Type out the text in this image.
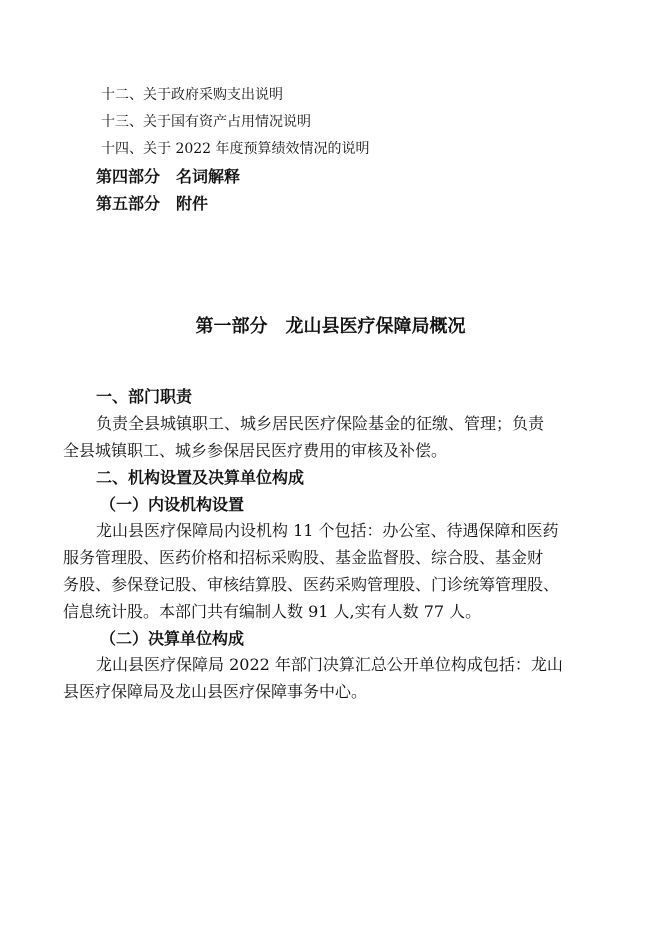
十二、关于政府采购支出说明
十三、关于国有资产占用情况说明
十四、关于 2022 年度预算绩效情况的说明
第四部分 名词解释
第五部分 附件
第一部分 龙山县医疗保障局概况
一、部门职责
负责全县城镇职工、城乡居民医疗保险基金的征缴、管理；负责
全县城镇职工、城乡参保居民医疗费用的审核及补偿。
二、机构设置及决算单位构成
（一）内设机构设置
龙山县医疗保障局内设机构 11 个包括：办公室、待遇保障和医药
服务管理股、医药价格和招标采购股、基金监督股、综合股、基金财
务股、参保登记股、审核结算股、医药采购管理股、门诊统筹管理股、
信息统计股。本部门共有编制人数 91 人,实有人数 77 人。
（二）决算单位构成
龙山县医疗保障局 2022 年部门决算汇总公开单位构成包括：龙山
县医疗保障局及龙山县医疗保障事务中心。
